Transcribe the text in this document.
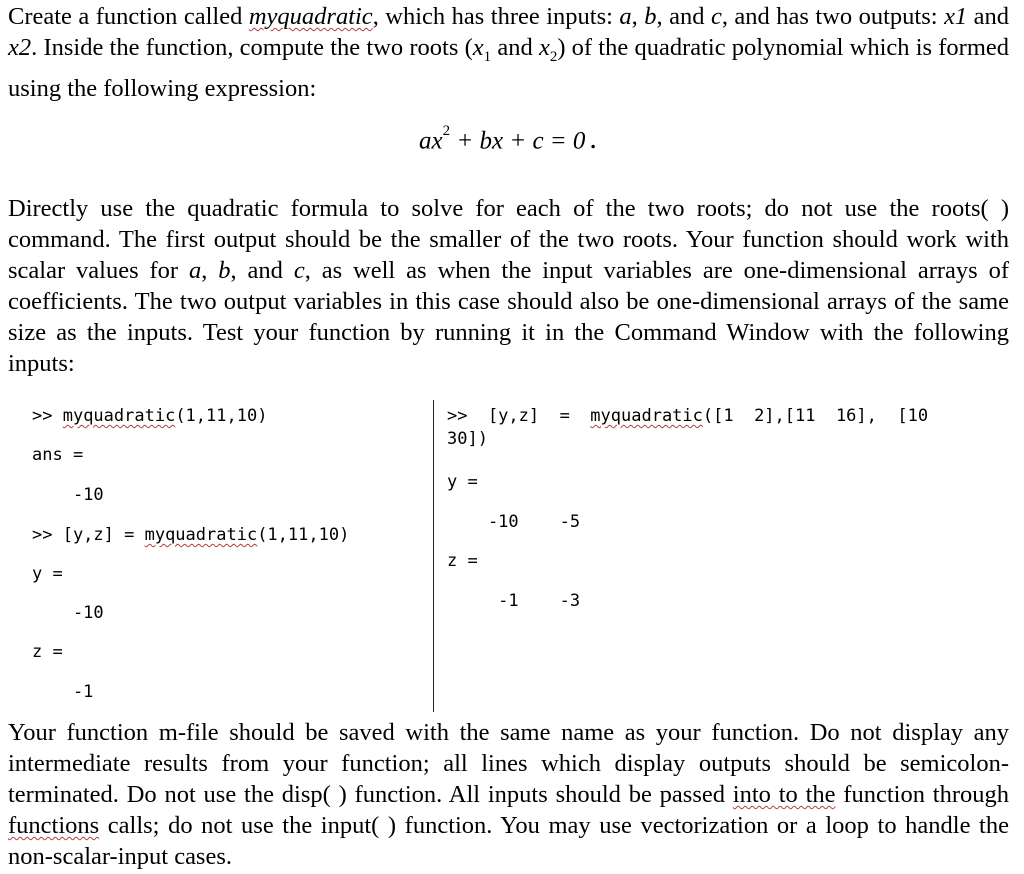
Create a function called myquadratic, which has three inputs: a, b, and c, and has two outputs: x1 and x2. Inside the function, compute the two roots ($x_1$ and $x_2$) of the quadratic polynomial which is formed using the following expression:

$ax^2$ + bx + c = 0 .

Directly use the quadratic formula to solve for each of the two roots; do not use the roots( ) command. The first output should be the smaller of the two roots. Your function should work with scalar values for a, b, and c, as well as when the input variables are one-dimensional arrays of coefficients. The two output variables in this case should also be one-dimensional arrays of the same size as the inputs. Test your function by running it in the Command Window with the following inputs:

>> myquadratic(1,11,10)
ans =
-10
>> [y,z] = myquadratic(1,11,10)
y =
-10
z =
-1
>>  [y,z]  =  myquadratic([1  2],[11  16],  [10
30])
y =
-10    -5
z =
-1    -3

Your function m-file should be saved with the same name as your function. Do not display any intermediate results from your function; all lines which display outputs should be semicolon-terminated. Do not use the disp( ) function. All inputs should be passed into to the function through functions calls; do not use the input( ) function. You may use vectorization or a loop to handle the non-scalar-input cases.
